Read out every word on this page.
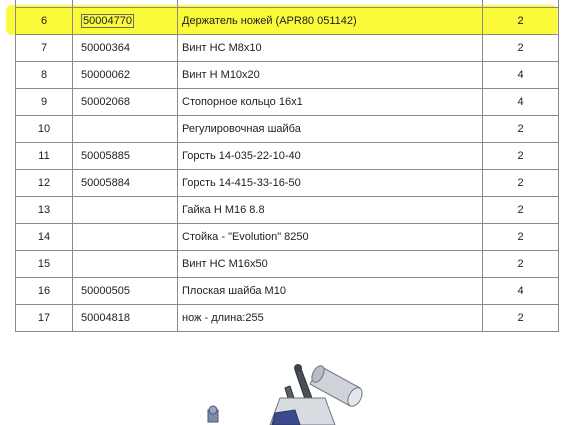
6	50004770	Держатель ножей (APR80 051142)	2
7	50000364	Винт HC M8x10	2
8	50000062	Винт H M10x20	4
9	50002068	Стопорное кольцо 16x1	4
10		Регулировочная шайба	2
11	50005885	Горсть 14-035-22-10-40	2
12	50005884	Горсть 14-415-33-16-50	2
13		Гайка H M16 8.8	2
14		Стойка - "Evolution" 8250	2
15		Винт HC M16x50	2
16	50000505	Плоская шайба M10	4
17	50004818	нож - длина:255	2
